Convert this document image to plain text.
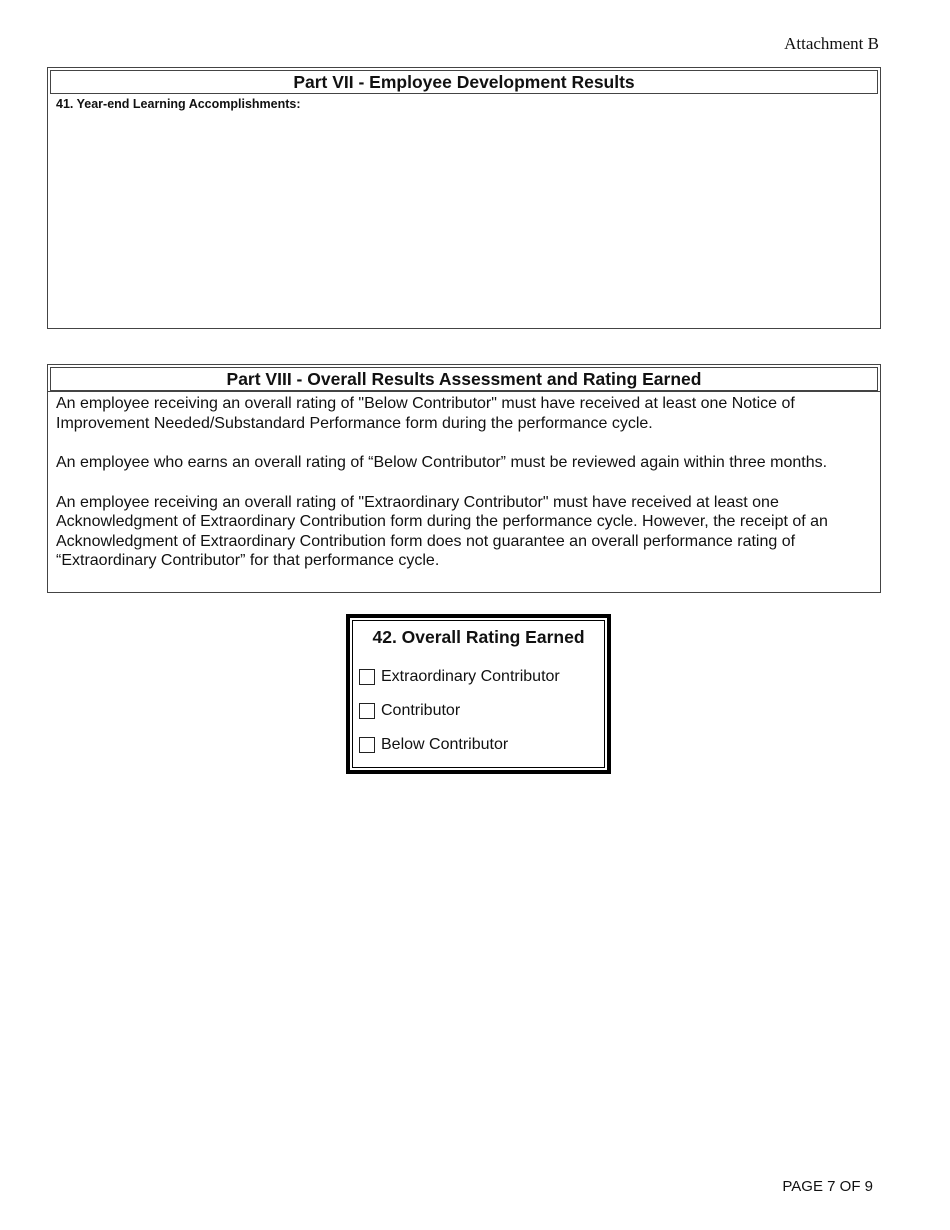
Attachment B
Part VII - Employee Development Results
41. Year-end Learning Accomplishments:
Part VIII - Overall Results Assessment and Rating Earned

An employee receiving an overall rating of "Below Contributor" must have received at least one Notice of Improvement Needed/Substandard Performance form during the performance cycle.

An employee who earns an overall rating of “Below Contributor” must be reviewed again within three months.

An employee receiving an overall rating of "Extraordinary Contributor" must have received at least one Acknowledgment of Extraordinary Contribution form during the performance cycle. However, the receipt of an Acknowledgment of Extraordinary Contribution form does not guarantee an overall performance rating of “Extraordinary Contributor” for that performance cycle.

42. Overall Rating Earned
Extraordinary Contributor
Contributor
Below Contributor
PAGE 7 OF 9
